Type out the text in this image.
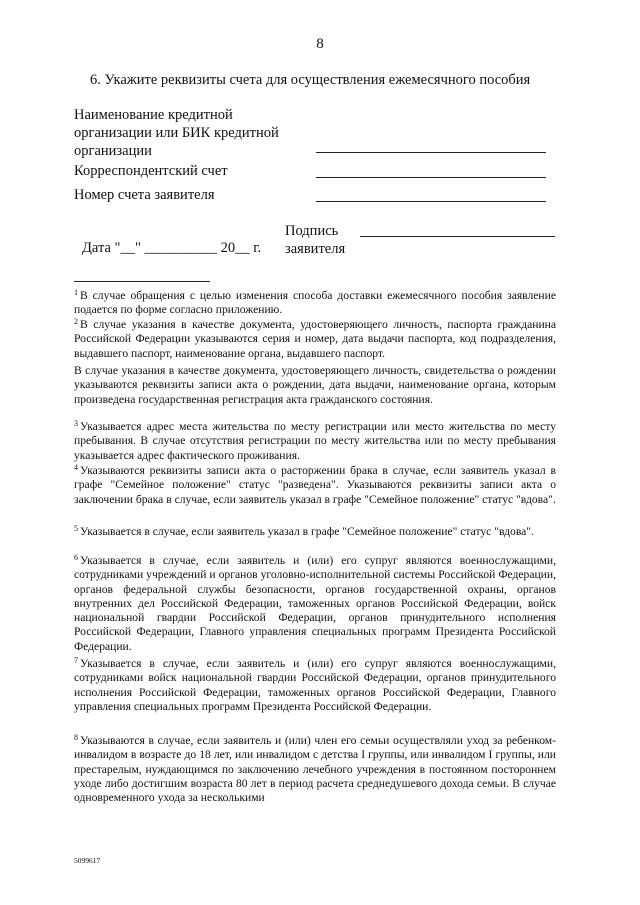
8
6. Укажите реквизиты счета для осуществления ежемесячного пособия
Наименование кредитной организации или БИК кредитной организации
Корреспондентский счет
Номер счета заявителя
Дата "__" __________ 20__ г.
Подпись заявителя
$^1$ В случае обращения с целью изменения способа доставки ежемесячного пособия заявление подается по форме согласно приложению.
$^2$ В случае указания в качестве документа, удостоверяющего личность, паспорта гражданина Российской Федерации указываются серия и номер, дата выдачи паспорта, код подразделения, выдавшего паспорт, наименование органа, выдавшего паспорт.
В случае указания в качестве документа, удостоверяющего личность, свидетельства о рождении указываются реквизиты записи акта о рождении, дата выдачи, наименование органа, которым произведена государственная регистрация акта гражданского состояния.
$^3$ Указывается адрес места жительства по месту регистрации или место жительства по месту пребывания. В случае отсутствия регистрации по месту жительства или по месту пребывания указывается адрес фактического проживания.
$^4$ Указываются реквизиты записи акта о расторжении брака в случае, если заявитель указал в графе "Семейное положение" статус "разведена". Указываются реквизиты записи акта о заключении брака в случае, если заявитель указал в графе "Семейное положение" статус "вдова".
$^5$ Указывается в случае, если заявитель указал в графе "Семейное положение" статус "вдова".
$^6$ Указывается в случае, если заявитель и (или) его супруг являются военнослужащими, сотрудниками учреждений и органов уголовно-исполнительной системы Российской Федерации, органов федеральной службы безопасности, органов государственной охраны, органов внутренних дел Российской Федерации, таможенных органов Российской Федерации, войск национальной гвардии Российской Федерации, органов принудительного исполнения Российской Федерации, Главного управления специальных программ Президента Российской Федерации.
$^7$ Указывается в случае, если заявитель и (или) его супруг являются военнослужащими, сотрудниками войск национальной гвардии Российской Федерации, органов принудительного исполнения Российской Федерации, таможенных органов Российской Федерации, Главного управления специальных программ Президента Российской Федерации.
$^8$ Указываются в случае, если заявитель и (или) член его семьи осуществляли уход за ребенком-инвалидом в возрасте до 18 лет, или инвалидом с детства I группы, или инвалидом I группы, или престарелым, нуждающимся по заключению лечебного учреждения в постоянном постороннем уходе либо достигшим возраста 80 лет в период расчета среднедушевого дохода семьи. В случае одновременного ухода за несколькими
5099617
